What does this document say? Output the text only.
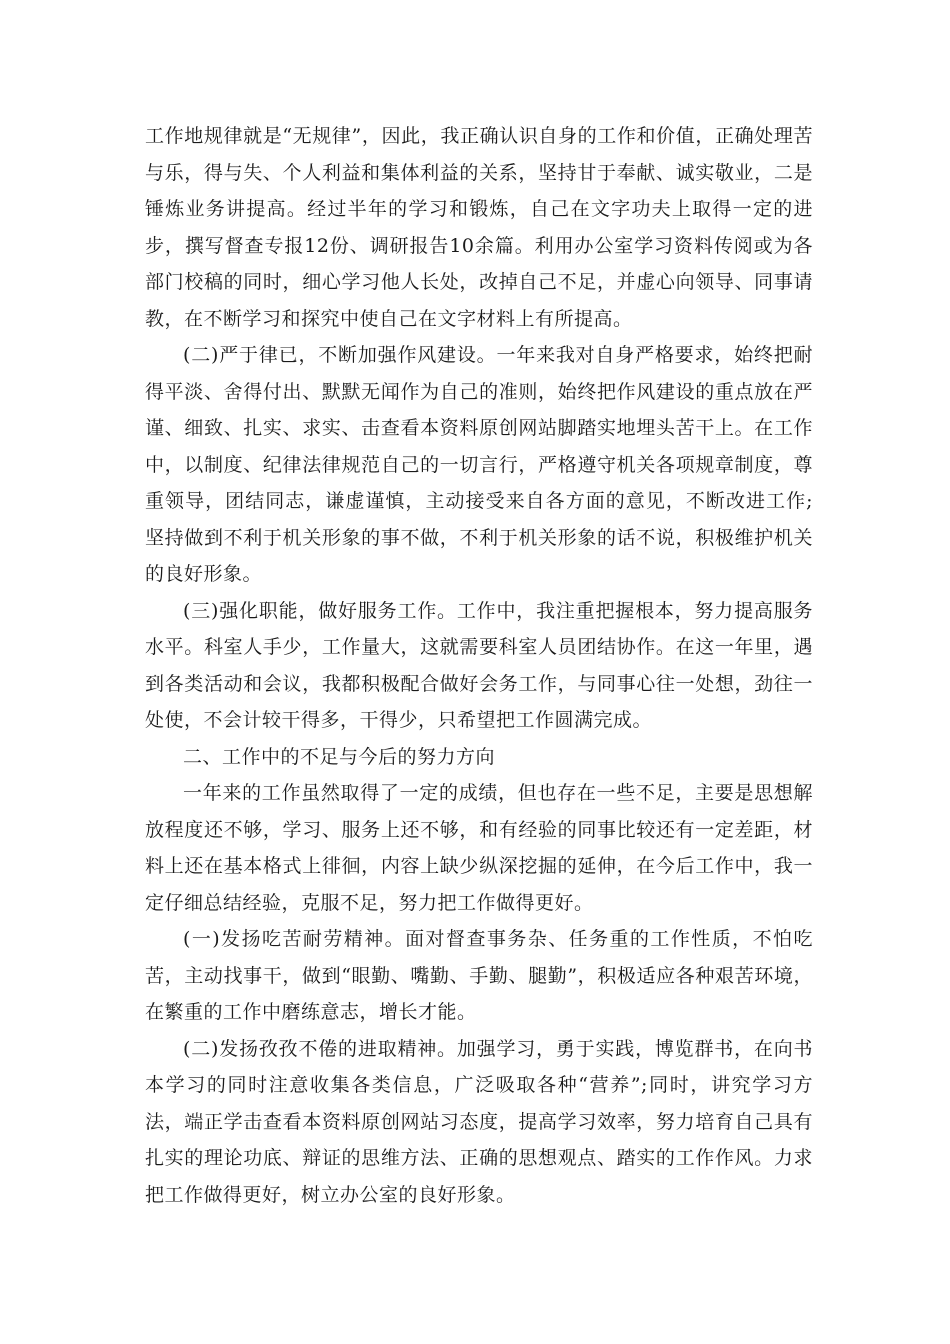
工作地规律就是“无规律”，因此，我正确认识自身的工作和价值，正确处理苦与乐，得与失、个人利益和集体利益的关系，坚持甘于奉献、诚实敬业，二是锤炼业务讲提高。经过半年的学习和锻炼，自己在文字功夫上取得一定的进步，撰写督查专报12份、调研报告10余篇。利用办公室学习资料传阅或为各部门校稿的同时，细心学习他人长处，改掉自己不足，并虚心向领导、同事请教，在不断学习和探究中使自己在文字材料上有所提高。

(二)严于律已，不断加强作风建设。一年来我对自身严格要求，始终把耐得平淡、舍得付出、默默无闻作为自己的准则，始终把作风建设的重点放在严谨、细致、扎实、求实、击查看本资料原创网站脚踏实地埋头苦干上。在工作中，以制度、纪律法律规范自己的一切言行，严格遵守机关各项规章制度，尊重领导，团结同志，谦虚谨慎，主动接受来自各方面的意见，不断改进工作;坚持做到不利于机关形象的事不做，不利于机关形象的话不说，积极维护机关的良好形象。

(三)强化职能，做好服务工作。工作中，我注重把握根本，努力提高服务水平。科室人手少，工作量大，这就需要科室人员团结协作。在这一年里，遇到各类活动和会议，我都积极配合做好会务工作，与同事心往一处想，劲往一处使，不会计较干得多，干得少，只希望把工作圆满完成。

二、工作中的不足与今后的努力方向

一年来的工作虽然取得了一定的成绩，但也存在一些不足，主要是思想解放程度还不够，学习、服务上还不够，和有经验的同事比较还有一定差距，材料上还在基本格式上徘徊，内容上缺少纵深挖掘的延伸，在今后工作中，我一定仔细总结经验，克服不足，努力把工作做得更好。

(一)发扬吃苦耐劳精神。面对督查事务杂、任务重的工作性质，不怕吃苦，主动找事干，做到“眼勤、嘴勤、手勤、腿勤”，积极适应各种艰苦环境，在繁重的工作中磨练意志，增长才能。

(二)发扬孜孜不倦的进取精神。加强学习，勇于实践，博览群书，在向书本学习的同时注意收集各类信息，广泛吸取各种“营养”;同时，讲究学习方法，端正学击查看本资料原创网站习态度，提高学习效率，努力培育自己具有扎实的理论功底、辩证的思维方法、正确的思想观点、踏实的工作作风。力求把工作做得更好，树立办公室的良好形象。
